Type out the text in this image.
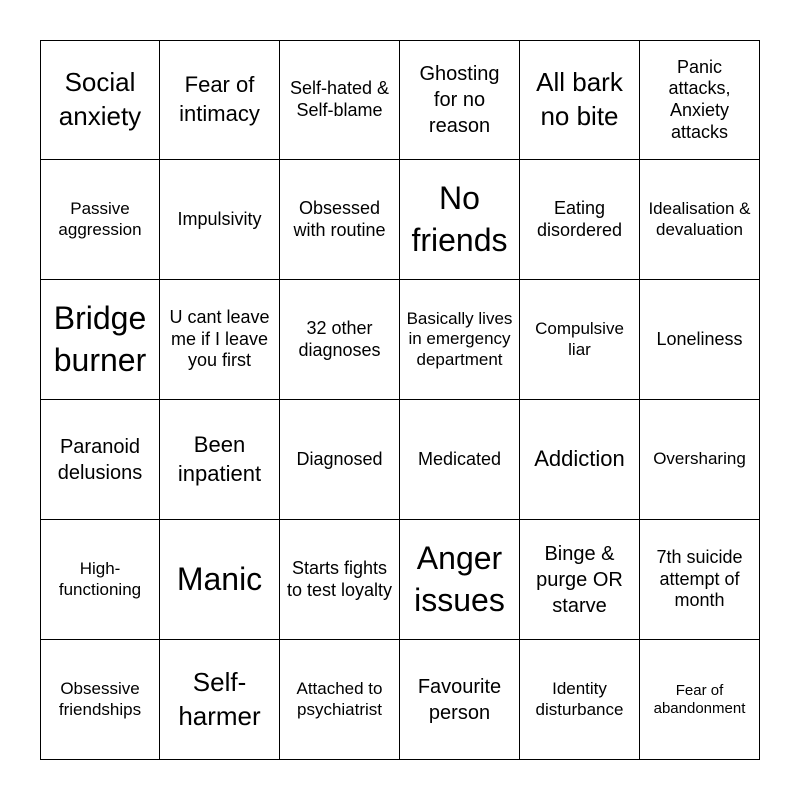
Social anxiety
Fear of intimacy
Self-hated & Self-blame
Ghosting for no reason
All bark no bite
Panic attacks, Anxiety attacks
Passive aggression
Impulsivity
Obsessed with routine
No friends
Eating disordered
Idealisation & devaluation
Bridge burner
U cant leave me if I leave you first
32 other diagnoses
Basically lives in emergency department
Compulsive liar
Loneliness
Paranoid delusions
Been inpatient
Diagnosed Medicated Addiction Oversharing
High-functioning	Manic	Starts fights to test loyalty
Anger issues
Binge & purge OR starve
7th suicide attempt of month
Obsessive friendships
Self-harmer
Attached to psychiatrist
Favourite person
Identity disturbance
Fear of abandonment
